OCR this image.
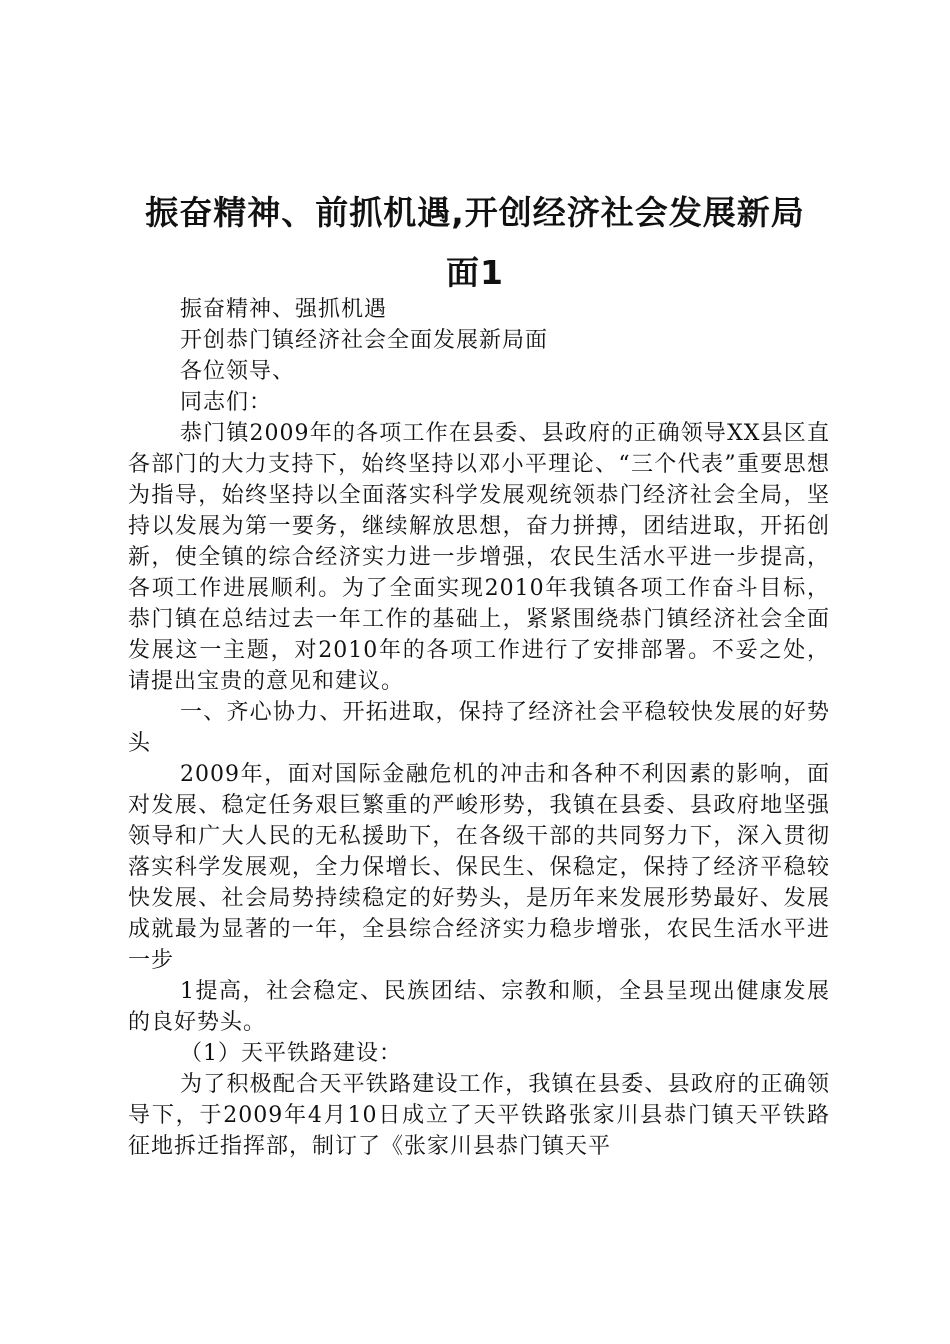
振奋精神、前抓机遇,开创经济社会发展新局
面1

振奋精神、强抓机遇

开创恭门镇经济社会全面发展新局面

各位领导、

同志们：

恭门镇2009年的各项工作在县委、县政府的正确领导XX县区直各部门的大力支持下，始终坚持以邓小平理论、“三个代表”重要思想为指导，始终坚持以全面落实科学发展观统领恭门经济社会全局，坚持以发展为第一要务，继续解放思想，奋力拼搏，团结进取，开拓创新，使全镇的综合经济实力进一步增强，农民生活水平进一步提高，各项工作进展顺利。为了全面实现2010年我镇各项工作奋斗目标，恭门镇在总结过去一年工作的基础上，紧紧围绕恭门镇经济社会全面发展这一主题，对2010年的各项工作进行了安排部署。不妥之处，请提出宝贵的意见和建议。

一、齐心协力、开拓进取，保持了经济社会平稳较快发展的好势头

2009年，面对国际金融危机的冲击和各种不利因素的影响，面对发展、稳定任务艰巨繁重的严峻形势，我镇在县委、县政府地坚强领导和广大人民的无私援助下，在各级干部的共同努力下，深入贯彻落实科学发展观，全力保增长、保民生、保稳定，保持了经济平稳较快发展、社会局势持续稳定的好势头，是历年来发展形势最好、发展成就最为显著的一年，全县综合经济实力稳步增张，农民生活水平进一步

1提高，社会稳定、民族团结、宗教和顺，全县呈现出健康发展的良好势头。

（1）天平铁路建设：

为了积极配合天平铁路建设工作，我镇在县委、县政府的正确领导下，于2009年4月10日成立了天平铁路张家川县恭门镇天平铁路征地拆迁指挥部，制订了《张家川县恭门镇天平
